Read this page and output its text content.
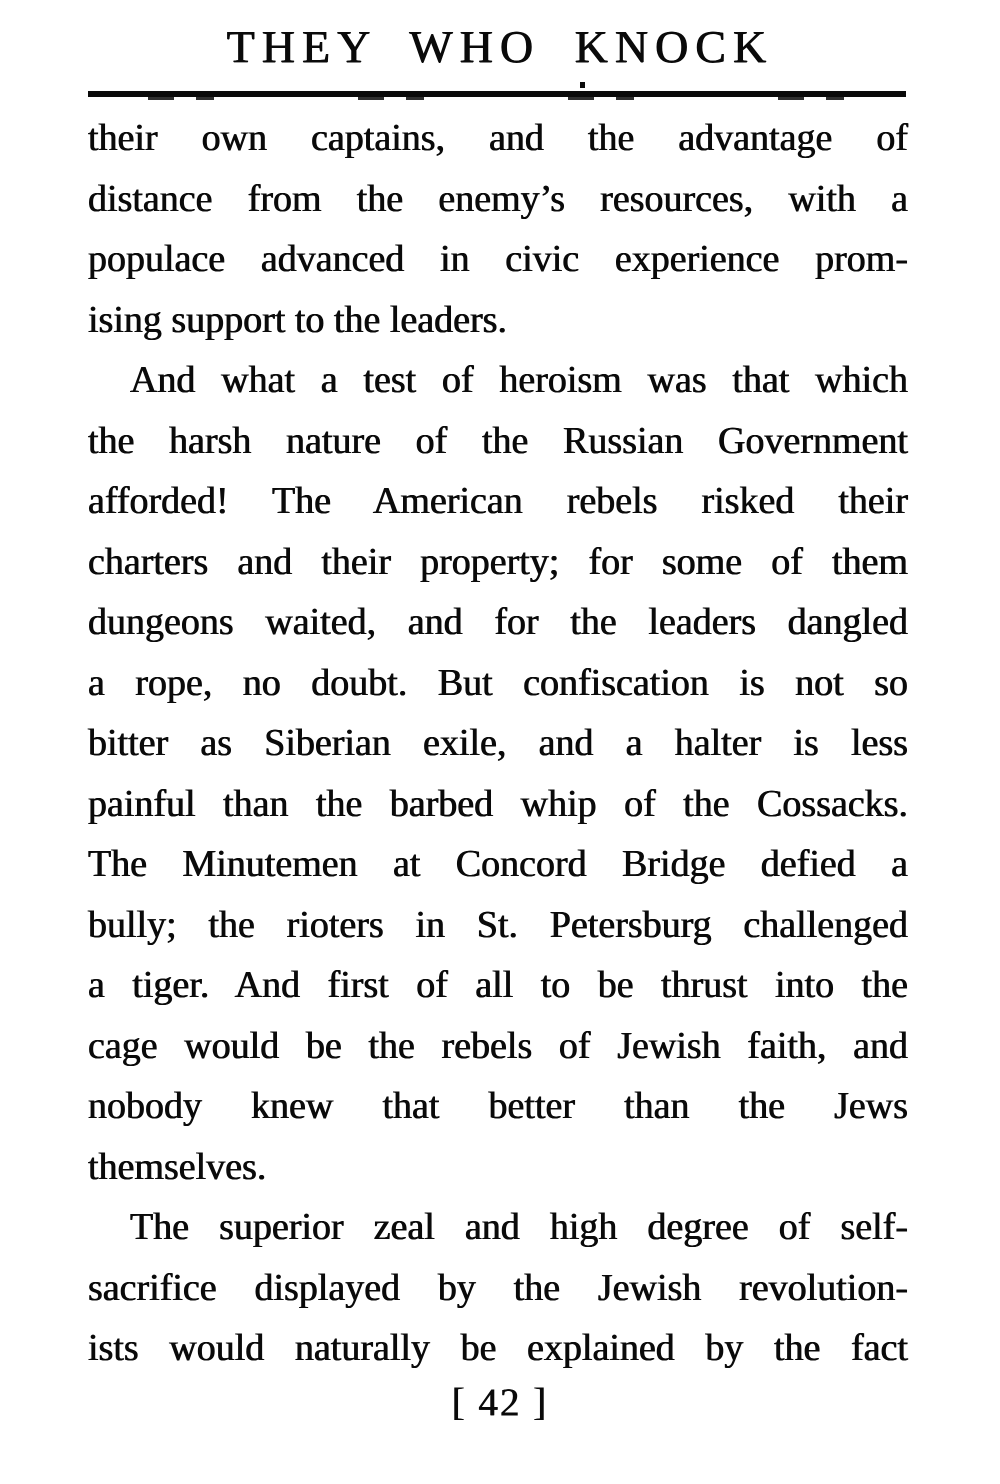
THEY WHO KNOCK
their own captains, and the advantage of
distance from the enemy’s resources, with a
populace advanced in civic experience prom-
ising support to the leaders.
And what a test of heroism was that which
the harsh nature of the Russian Government
afforded! The American rebels risked their
charters and their property; for some of them
dungeons waited, and for the leaders dangled
a rope, no doubt. But confiscation is not so
bitter as Siberian exile, and a halter is less
painful than the barbed whip of the Cossacks.
The Minutemen at Concord Bridge defied a
bully; the rioters in St. Petersburg challenged
a tiger. And first of all to be thrust into the
cage would be the rebels of Jewish faith, and
nobody knew that better than the Jews
themselves.
The superior zeal and high degree of self-
sacrifice displayed by the Jewish revolution-
ists would naturally be explained by the fact
[ 42 ]
